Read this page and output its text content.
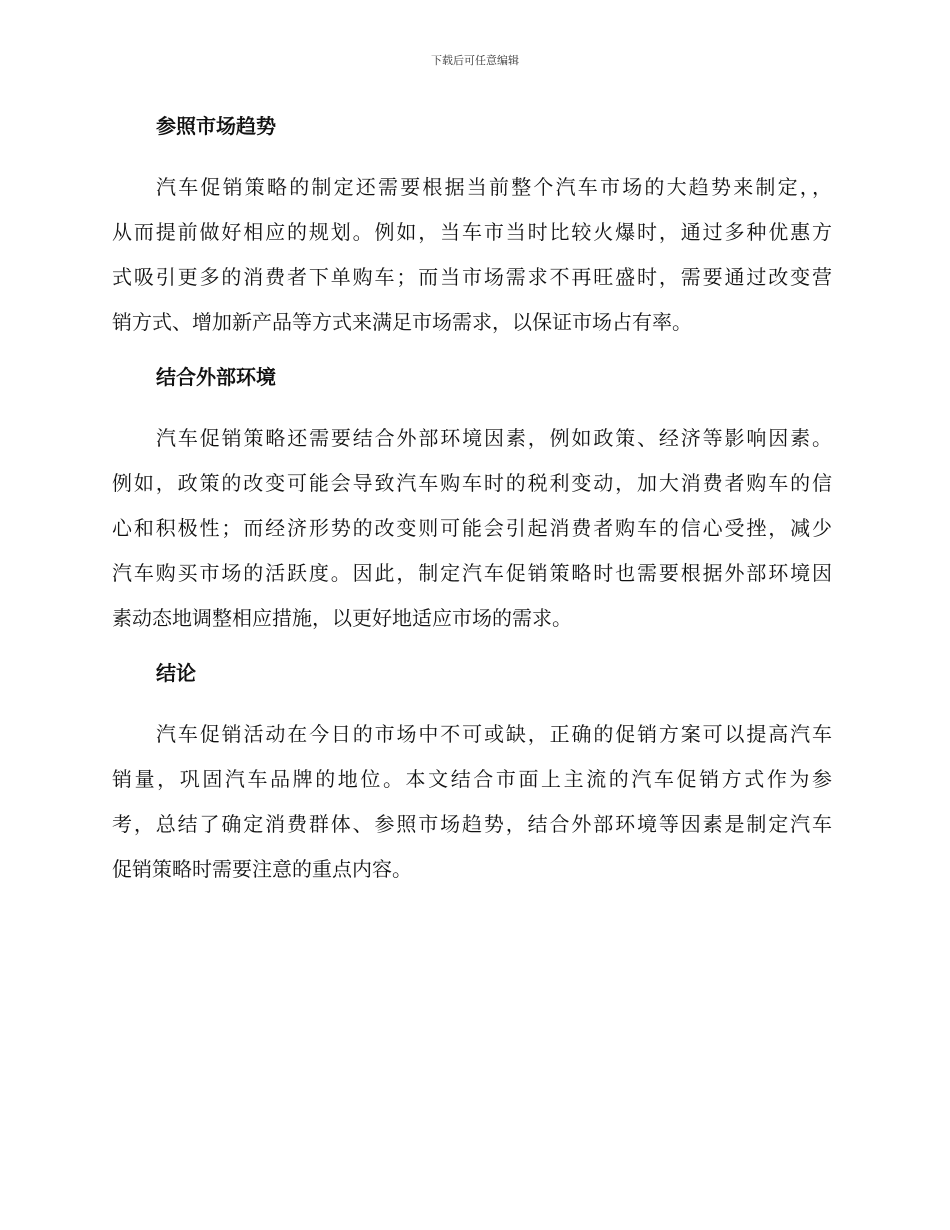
下载后可任意编辑
参照市场趋势
汽车促销策略的制定还需要根据当前整个汽车市场的大趋势来制定，，
从而提前做好相应的规划。例如，当车市当时比较火爆时，通过多种优惠方
式吸引更多的消费者下单购车；而当市场需求不再旺盛时，需要通过改变营
销方式、增加新产品等方式来满足市场需求，以保证市场占有率。
结合外部环境
汽车促销策略还需要结合外部环境因素，例如政策、经济等影响因素。
例如，政策的改变可能会导致汽车购车时的税利变动，加大消费者购车的信
心和积极性；而经济形势的改变则可能会引起消费者购车的信心受挫，减少
汽车购买市场的活跃度。因此，制定汽车促销策略时也需要根据外部环境因
素动态地调整相应措施，以更好地适应市场的需求。
结论
汽车促销活动在今日的市场中不可或缺，正确的促销方案可以提高汽车
销量，巩固汽车品牌的地位。本文结合市面上主流的汽车促销方式作为参
考，总结了确定消费群体、参照市场趋势，结合外部环境等因素是制定汽车
促销策略时需要注意的重点内容。
